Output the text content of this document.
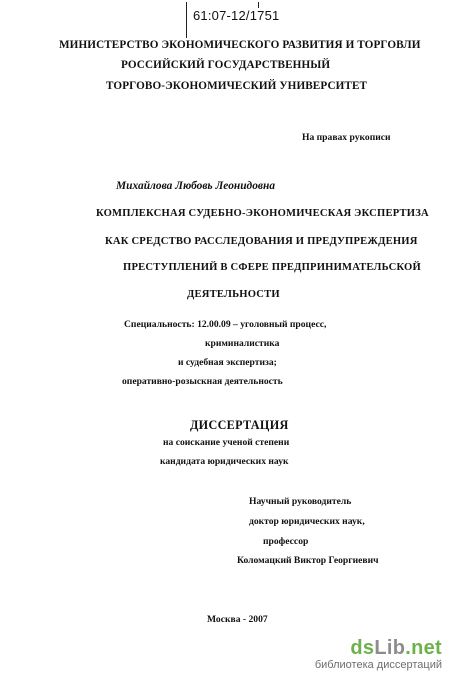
61:07-12/1751
МИНИСТЕРСТВО ЭКОНОМИЧЕСКОГО РАЗВИТИЯ И ТОРГОВЛИ
РОССИЙСКИЙ ГОСУДАРСТВЕННЫЙ
ТОРГОВО-ЭКОНОМИЧЕСКИЙ УНИВЕРСИТЕТ
На правах рукописи
Михайлова Любовь Леонидовна
КОМПЛЕКСНАЯ СУДЕБНО-ЭКОНОМИЧЕСКАЯ ЭКСПЕРТИЗА
КАК СРЕДСТВО РАССЛЕДОВАНИЯ И ПРЕДУПРЕЖДЕНИЯ
ПРЕСТУПЛЕНИЙ В СФЕРЕ ПРЕДПРИНИМАТЕЛЬСКОЙ
ДЕЯТЕЛЬНОСТИ
Специальность: 12.00.09 – уголовный процесс,
криминалистика
и судебная экспертиза;
оперативно-розыскная деятельность
ДИССЕРТАЦИЯ
на соискание ученой степени
кандидата юридических наук
Научный руководитель
доктор юридических наук,
профессор
Коломацкий Виктор Георгиевич
Москва - 2007
dsLib.net
библиотека диссертаций
